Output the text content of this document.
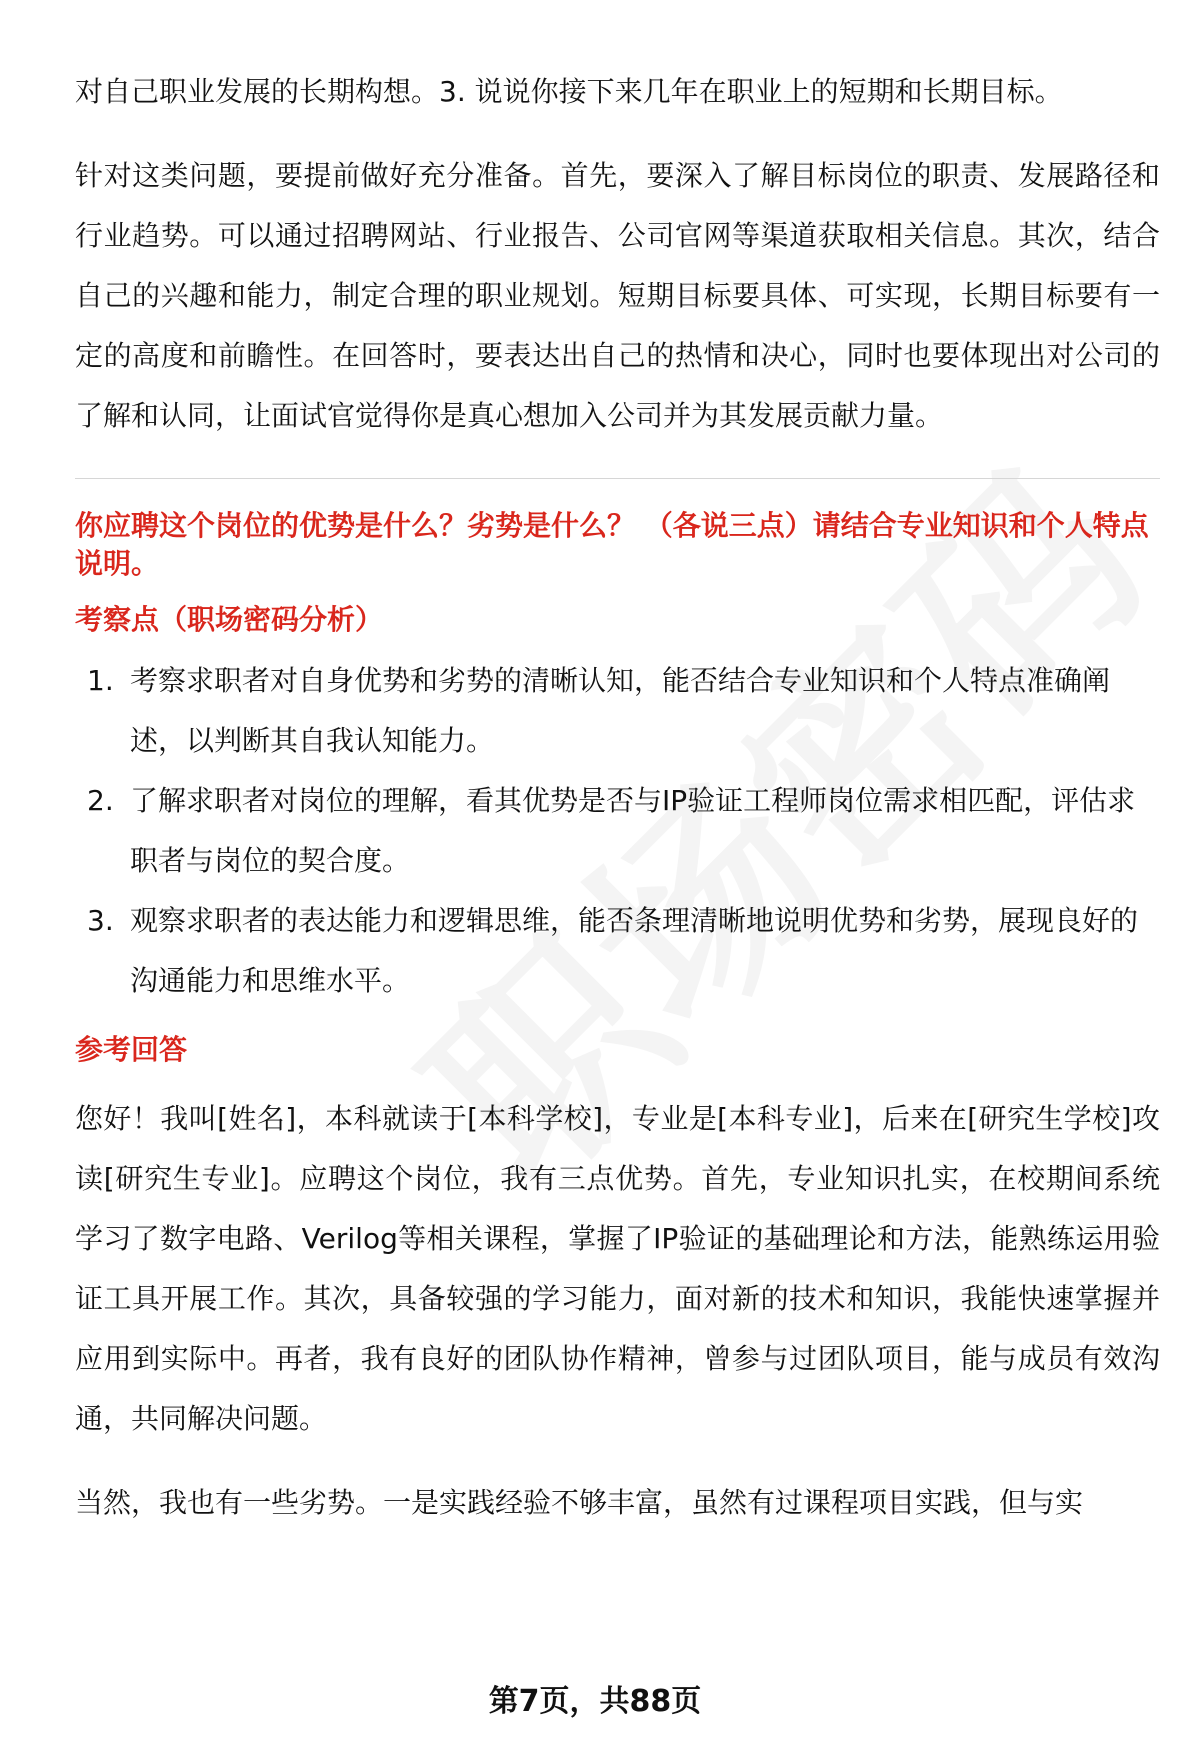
对自己职业发展的长期构想。3. 说说你接下来几年在职业上的短期和长期目标。

针对这类问题，要提前做好充分准备。首先，要深入了解目标岗位的职责、发展路径和行业趋势。可以通过招聘网站、行业报告、公司官网等渠道获取相关信息。其次，结合自己的兴趣和能力，制定合理的职业规划。短期目标要具体、可实现，长期目标要有一定的高度和前瞻性。在回答时，要表达出自己的热情和决心，同时也要体现出对公司的了解和认同，让面试官觉得你是真心想加入公司并为其发展贡献力量。

你应聘这个岗位的优势是什么？劣势是什么？ （各说三点）请结合专业知识和个人特点说明。
考察点（职场密码分析）
1. 考察求职者对自身优势和劣势的清晰认知，能否结合专业知识和个人特点准确阐述，以判断其自我认知能力。
2. 了解求职者对岗位的理解，看其优势是否与IP验证工程师岗位需求相匹配，评估求职者与岗位的契合度。
3. 观察求职者的表达能力和逻辑思维，能否条理清晰地说明优势和劣势，展现良好的沟通能力和思维水平。
参考回答

您好！我叫[姓名]，本科就读于[本科学校]，专业是[本科专业]，后来在[研究生学校]攻读[研究生专业]。应聘这个岗位，我有三点优势。首先，专业知识扎实，在校期间系统学习了数字电路、Verilog等相关课程，掌握了IP验证的基础理论和方法，能熟练运用验证工具开展工作。其次，具备较强的学习能力，面对新的技术和知识，我能快速掌握并应用到实际中。再者，我有良好的团队协作精神，曾参与过团队项目，能与成员有效沟通，共同解决问题。

当然，我也有一些劣势。一是实践经验不够丰富，虽然有过课程项目实践，但与实

第7页，共88页
